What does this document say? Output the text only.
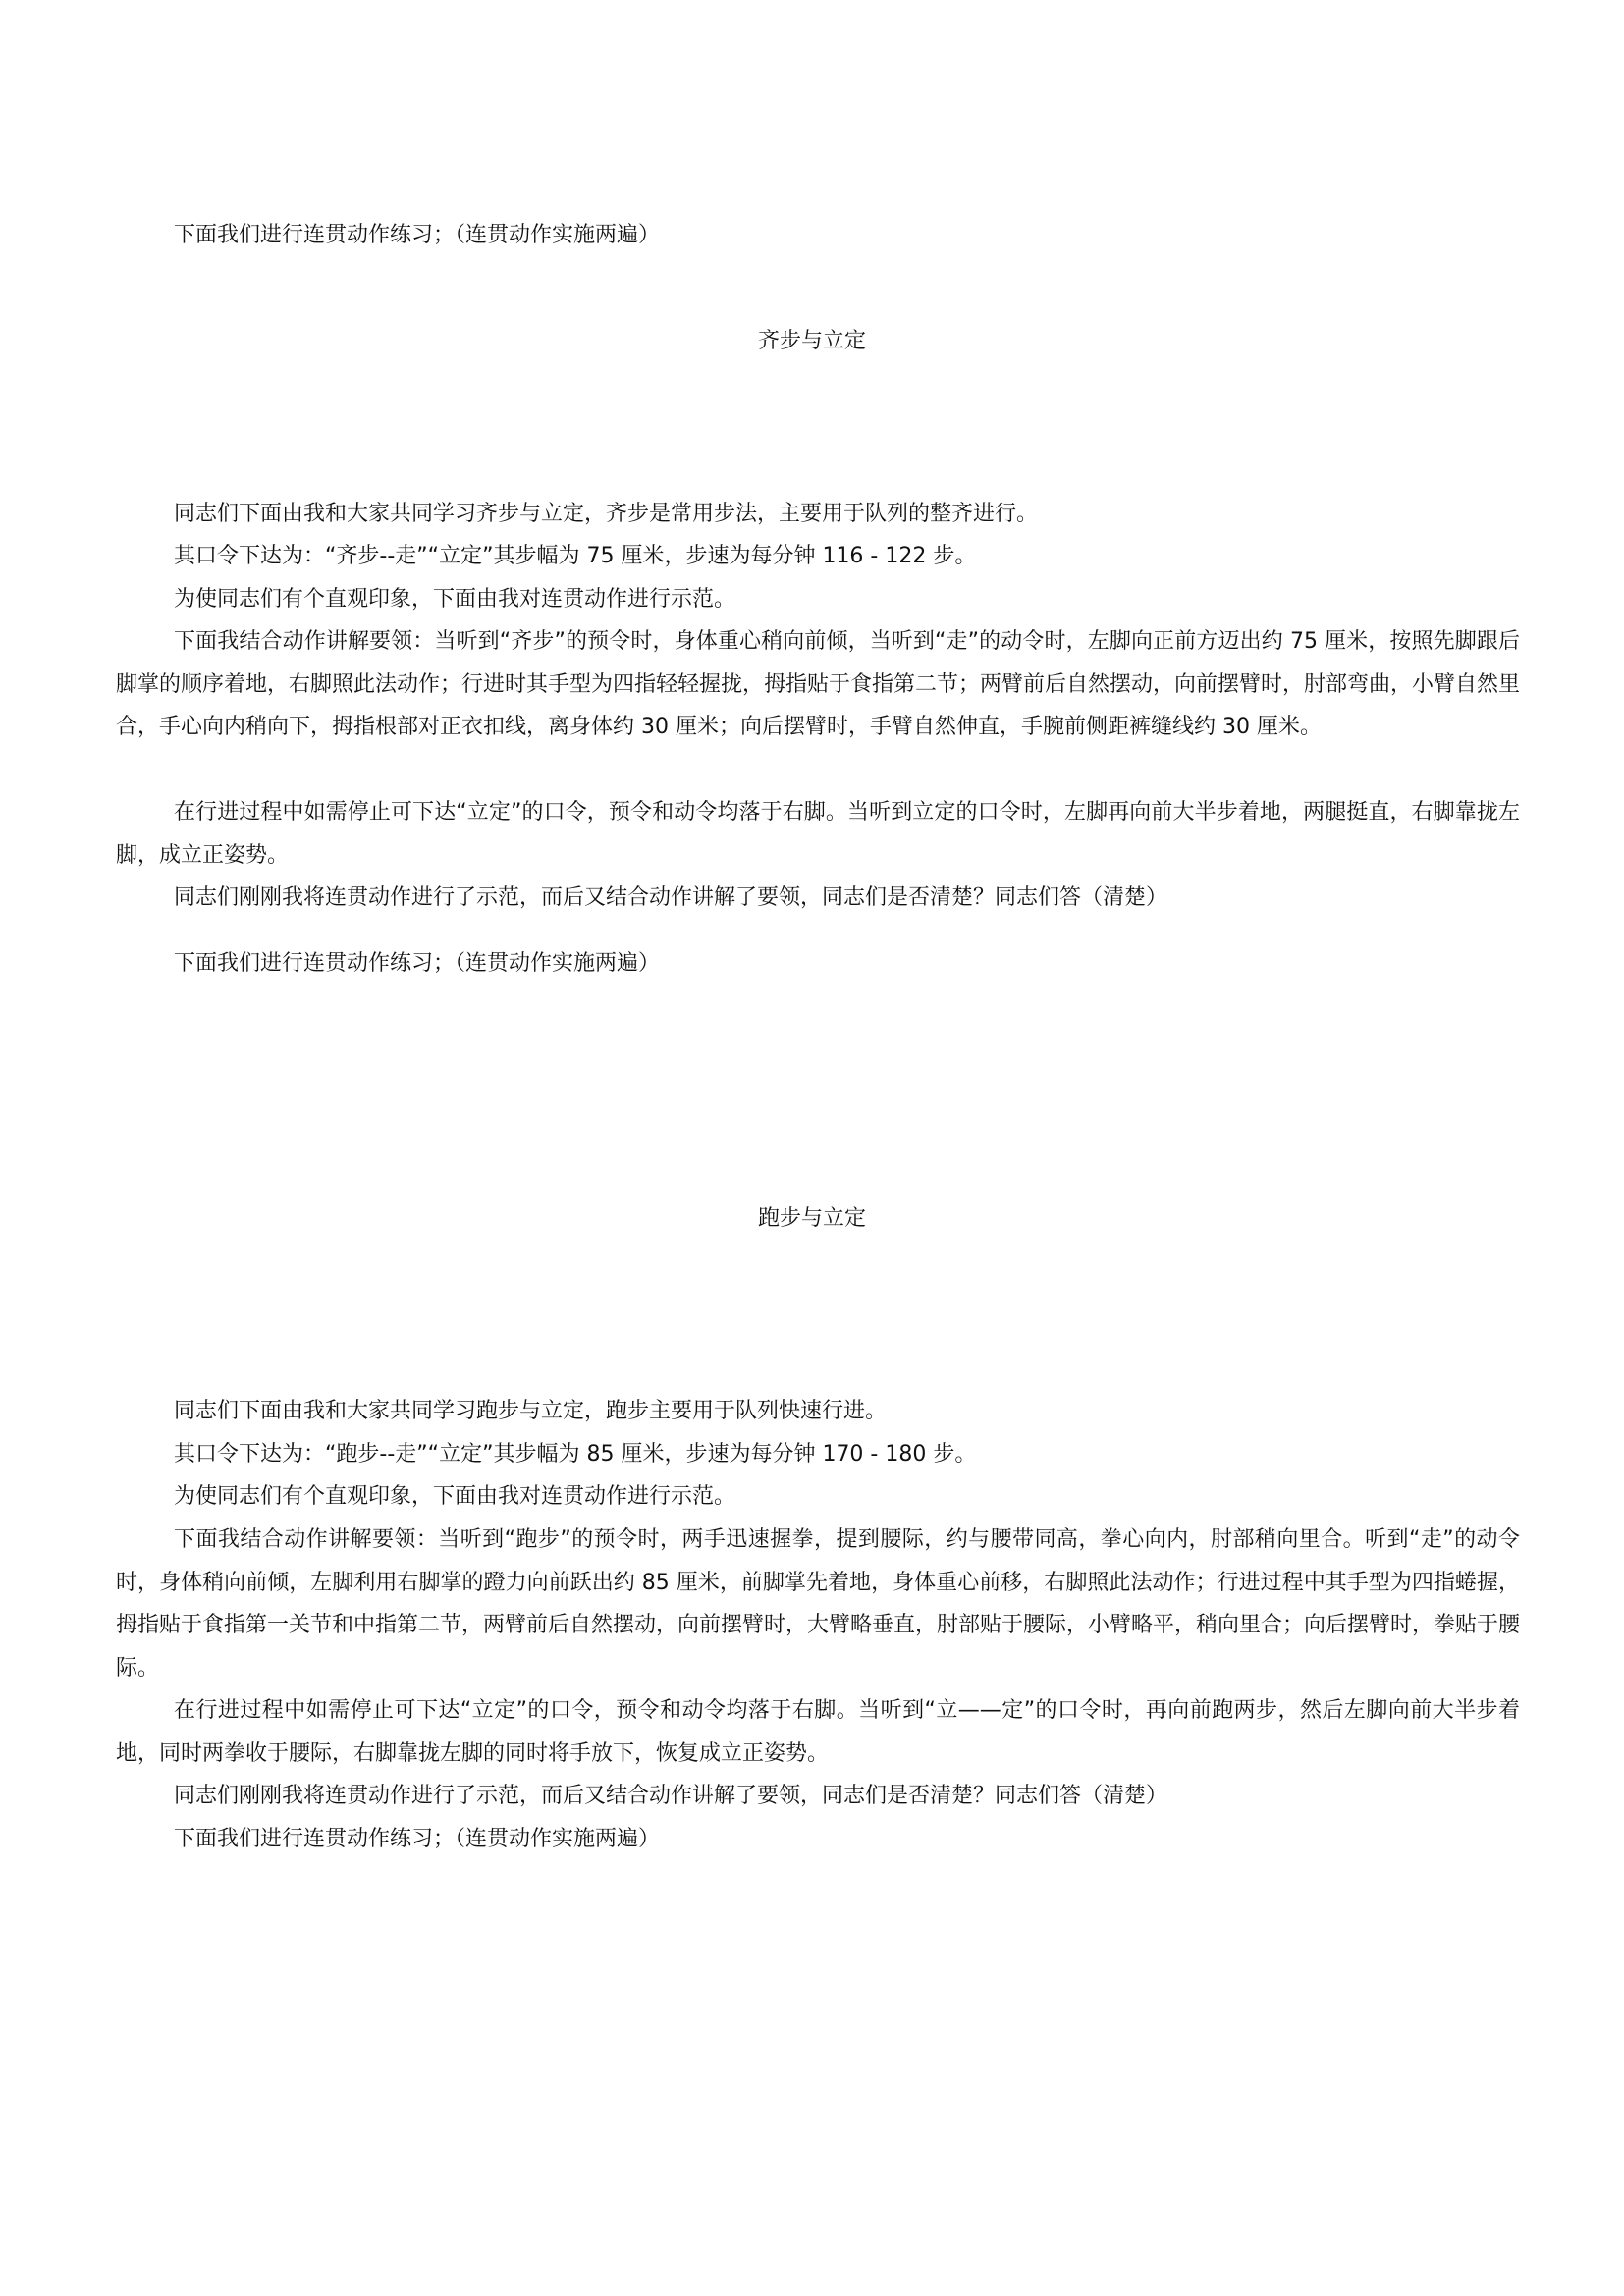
下面我们进行连贯动作练习；（连贯动作实施两遍）
齐步与立定
同志们下面由我和大家共同学习齐步与立定，齐步是常用步法，主要用于队列的整齐进行。
其口令下达为：“齐步--走”“立定”其步幅为 75 厘米，步速为每分钟 116 - 122 步。
为使同志们有个直观印象，下面由我对连贯动作进行示范。
下面我结合动作讲解要领：当听到“齐步”的预令时，身体重心稍向前倾，当听到“走”的动令时，左脚向正前方迈出约 75 厘米，按照先脚跟后脚掌的顺序着地，右脚照此法动作；行进时其手型为四指轻轻握拢，拇指贴于食指第二节；两臂前后自然摆动，向前摆臂时，肘部弯曲，小臂自然里合，手心向内稍向下，拇指根部对正衣扣线，离身体约 30 厘米；向后摆臂时，手臂自然伸直，手腕前侧距裤缝线约 30 厘米。
在行进过程中如需停止可下达“立定”的口令，预令和动令均落于右脚。当听到立定的口令时，左脚再向前大半步着地，两腿挺直，右脚靠拢左脚，成立正姿势。
同志们刚刚我将连贯动作进行了示范，而后又结合动作讲解了要领，同志们是否清楚？同志们答（清楚）
下面我们进行连贯动作练习；（连贯动作实施两遍）
跑步与立定
同志们下面由我和大家共同学习跑步与立定，跑步主要用于队列快速行进。
其口令下达为：“跑步--走”“立定”其步幅为 85 厘米，步速为每分钟 170 - 180 步。
为使同志们有个直观印象，下面由我对连贯动作进行示范。
下面我结合动作讲解要领：当听到“跑步”的预令时，两手迅速握拳，提到腰际，约与腰带同高，拳心向内，肘部稍向里合。听到“走”的动令时，身体稍向前倾，左脚利用右脚掌的蹬力向前跃出约 85 厘米，前脚掌先着地，身体重心前移，右脚照此法动作；行进过程中其手型为四指蜷握，拇指贴于食指第一关节和中指第二节，两臂前后自然摆动，向前摆臂时，大臂略垂直，肘部贴于腰际，小臂略平，稍向里合；向后摆臂时，拳贴于腰际。
在行进过程中如需停止可下达“立定”的口令，预令和动令均落于右脚。当听到“立——定”的口令时，再向前跑两步，然后左脚向前大半步着地，同时两拳收于腰际，右脚靠拢左脚的同时将手放下，恢复成立正姿势。
同志们刚刚我将连贯动作进行了示范，而后又结合动作讲解了要领，同志们是否清楚？同志们答（清楚）
下面我们进行连贯动作练习；（连贯动作实施两遍）
